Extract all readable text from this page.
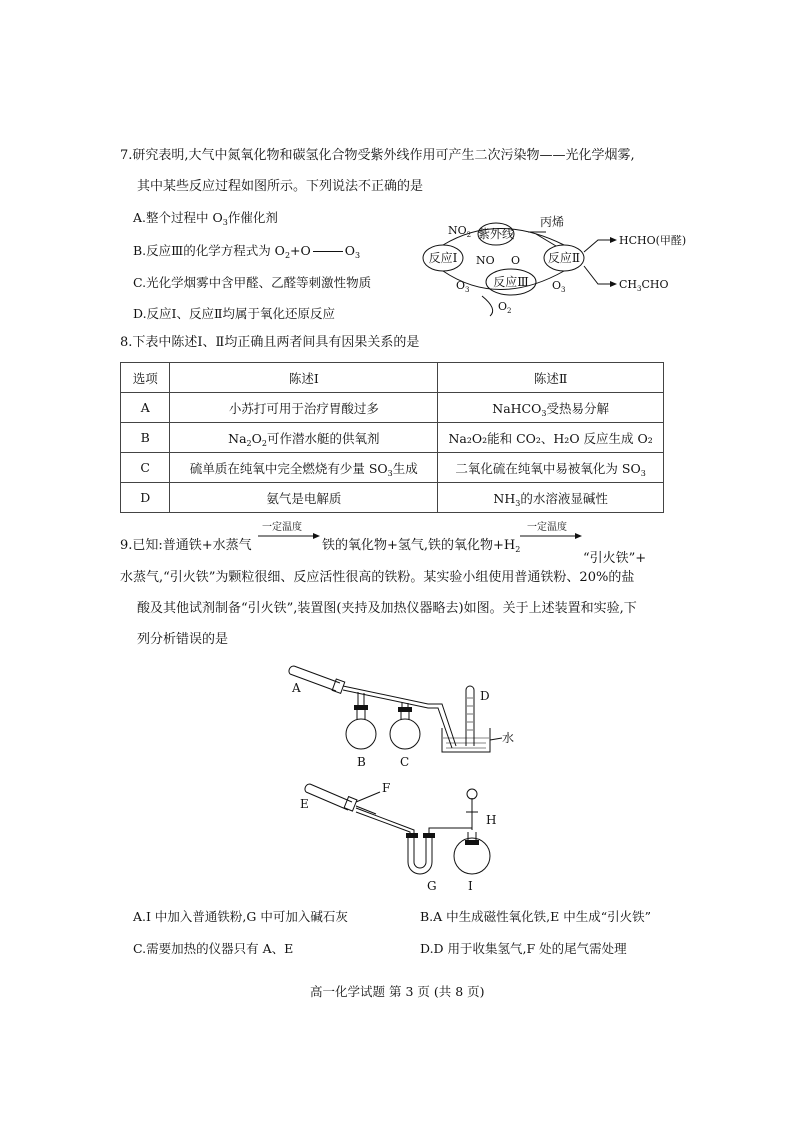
7.研究表明,大气中氮氧化物和碳氢化合物受紫外线作用可产生二次污染物——光化学烟雾,
其中某些反应过程如图所示。下列说法不正确的是
A.整个过程中 $O_3$作催化剂
B.反应Ⅲ的化学方程式为 $O_2+O$	$O_3$
C.光化学烟雾中含甲醛、乙醛等刺激性物质
D.反应Ⅰ、反应Ⅱ均属于氧化还原反应
紫外线
反应Ⅰ	反应Ⅱ
反应Ⅲ
丙烯
$NO_2$
NO O
$O_3$	$O_3$
$O_2$
HCHO(甲醛)
$CH_3CHO$
8.下表中陈述Ⅰ、Ⅱ均正确且两者间具有因果关系的是
选项	陈述Ⅰ	陈述Ⅱ
A	小苏打可用于治疗胃酸过多	NaHCO$_3$受热易分解
B	$Na_2O_2$可作潜水艇的供氧剂	Na₂O₂能和 CO₂、H₂O 反应生成 O₂
C	硫单质在纯氧中完全燃烧有少量 $SO_3$生成	二氧化硫在纯氧中易被氧化为 $SO_3$
D	氨气是电解质	$NH_3$的水溶液显碱性
9.已知:普通铁+水蒸气
一定温度
铁的氧化物+氢气,铁的氧化物$+H_2$
一定温度
“引火铁”+
水蒸气,“引火铁”为颗粒很细、反应活性很高的铁粉。某实验小组使用普通铁粉、20%的盐
酸及其他试剂制备“引火铁”,装置图(夹持及加热仪器略去)如图。关于上述装置和实验,下
列分析错误的是
A
B	C
D
水
E
F
G
H
I
A.I 中加入普通铁粉,G 中可加入碱石灰	B.A 中生成磁性氧化铁,E 中生成“引火铁”
C.需要加热的仪器只有 A、E	D.D 用于收集氢气,F 处的尾气需处理
高一化学试题 第 3 页 (共 8 页)
